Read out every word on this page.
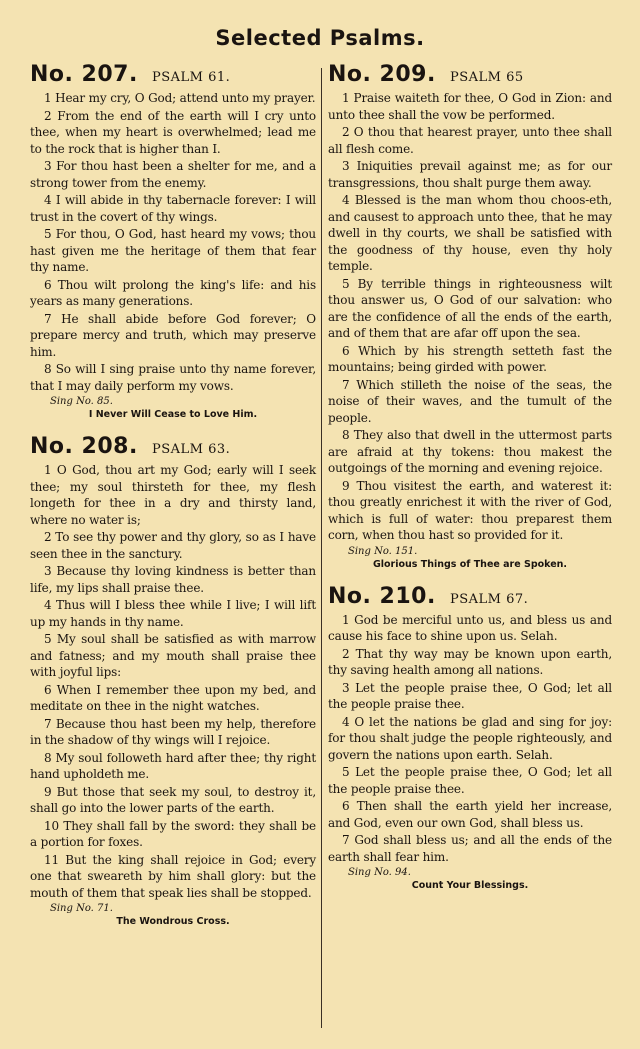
Selected Psalms.
No. 207.	PSALM 61.

1 Hear my cry, O God; attend unto my prayer.

2 From the end of the earth will I cry unto thee, when my heart is overwhelmed; lead me to the rock that is higher than I.

3 For thou hast been a shelter for me, and a strong tower from the enemy.

4 I will abide in thy tabernacle forever: I will trust in the covert of thy wings.

5 For thou, O God, hast heard my vows; thou hast given me the heritage of them that fear thy name.

6 Thou wilt prolong the king's life: and his years as many generations.

7 He shall abide before God forever; O prepare mercy and truth, which may preserve him.

8 So will I sing praise unto thy name forever, that I may daily perform my vows.

Sing No. 85.
I Never Will Cease to Love Him.
No. 208.	PSALM 63.

1 O God, thou art my God; early will I seek thee; my soul thirsteth for thee, my flesh longeth for thee in a dry and thirsty land, where no water is;

2 To see thy power and thy glory, so as I have seen thee in the sanctury.

3 Because thy loving kindness is better than life, my lips shall praise thee.

4 Thus will I bless thee while I live; I will lift up my hands in thy name.

5 My soul shall be satisfied as with marrow and fatness; and my mouth shall praise thee with joyful lips:

6 When I remember thee upon my bed, and meditate on thee in the night watches.

7 Because thou hast been my help, therefore in the shadow of thy wings will I rejoice.

8 My soul followeth hard after thee; thy right hand upholdeth me.

9 But those that seek my soul, to destroy it, shall go into the lower parts of the earth.

10 They shall fall by the sword: they shall be a portion for foxes.

11 But the king shall rejoice in God; every one that sweareth by him shall glory: but the mouth of them that speak lies shall be stopped.

Sing No. 71.
The Wondrous Cross.
No. 209.	PSALM 65

1 Praise waiteth for thee, O God in Zion: and unto thee shall the vow be performed.

2 O thou that hearest prayer, unto thee shall all flesh come.

3 Iniquities prevail against me; as for our transgressions, thou shalt purge them away.

4 Blessed is the man whom thou choos-eth, and causest to approach unto thee, that he may dwell in thy courts, we shall be satisfied with the goodness of thy house, even thy holy temple.

5 By terrible things in righteousness wilt thou answer us, O God of our salvation: who are the confidence of all the ends of the earth, and of them that are afar off upon the sea.

6 Which by his strength setteth fast the mountains; being girded with power.

7 Which stilleth the noise of the seas, the noise of their waves, and the tumult of the people.

8 They also that dwell in the uttermost parts are afraid at thy tokens: thou makest the outgoings of the morning and evening rejoice.

9 Thou visitest the earth, and waterest it: thou greatly enrichest it with the river of God, which is full of water: thou preparest them corn, when thou hast so provided for it.

Sing No. 151.
Glorious Things of Thee are Spoken.
No. 210.	PSALM 67.

1 God be merciful unto us, and bless us and cause his face to shine upon us. Selah.

2 That thy way may be known upon earth, thy saving health among all nations.

3 Let the people praise thee, O God; let all the people praise thee.

4 O let the nations be glad and sing for joy: for thou shalt judge the people righteously, and govern the nations upon earth. Selah.

5 Let the people praise thee, O God; let all the people praise thee.

6 Then shall the earth yield her increase, and God, even our own God, shall bless us.

7 God shall bless us; and all the ends of the earth shall fear him.

Sing No. 94.
Count Your Blessings.
